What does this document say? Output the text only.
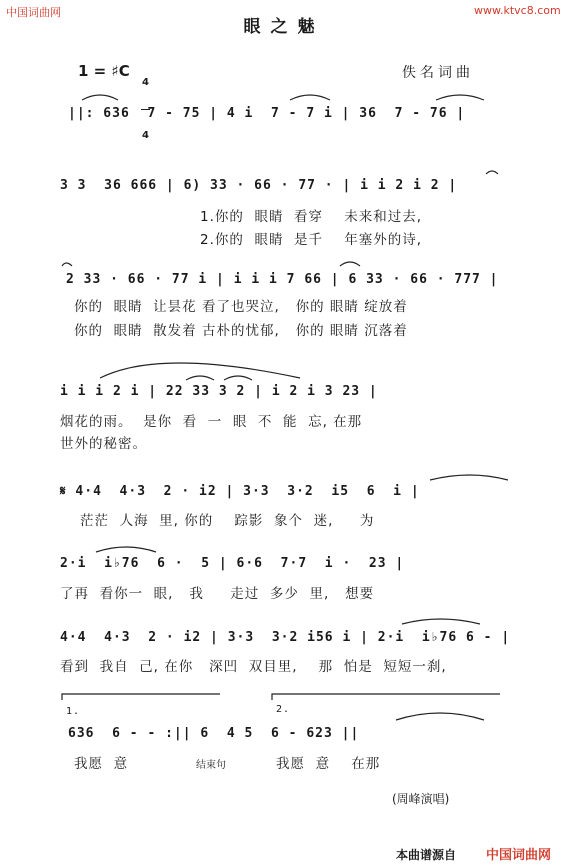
中国词曲网	www.ktvc8.com
眼之魅
1 = ♯C

4

4

佚名词曲
||: 636  7 - 75 | 4 i  7 - 7 i | 36  7 - 76 |
3 3  36 666 | 6) 33 · 66 · 77 · | i i 2 i 2 |
1.你的  眼睛  看穿    未来和过去,
2.你的  眼睛  是千    年塞外的诗,
2 33 · 66 · 77 i | i i i 7 66 | 6 33 · 66 · 777 |
你的  眼睛  让昙花 看了也哭泣,   你的 眼睛 绽放着
你的  眼睛  散发着 古朴的忧郁,   你的 眼睛 沉落着
i i i 2 i | 22 33 3 2 | i 2 i 3 23 |
烟花的雨。  是你  看  一  眼  不  能  忘, 在那
世外的秘密。
𝄋 4·4  4·3  2 · i2 | 3·3  3·2  i5  6  i |
茫茫  人海  里, 你的    踪影  象个  迷,     为
2·i  i♭76  6 ·  5 | 6·6  7·7  i ·  23 |
了再  看你一  眼,   我     走过  多少  里,   想要
4·4  4·3  2 · i2 | 3·3  3·2 i56 i | 2·i  i♭76 6 - |
看到  我自  己, 在你   深凹  双目里,    那  怕是  短短一刹,
1.	2.
636  6 - - :|| 6  4 5  6 - 623 ||
我愿  意	结束句	我愿  意    在那
(周峰演唱)
本曲谱源自 中国词曲网
